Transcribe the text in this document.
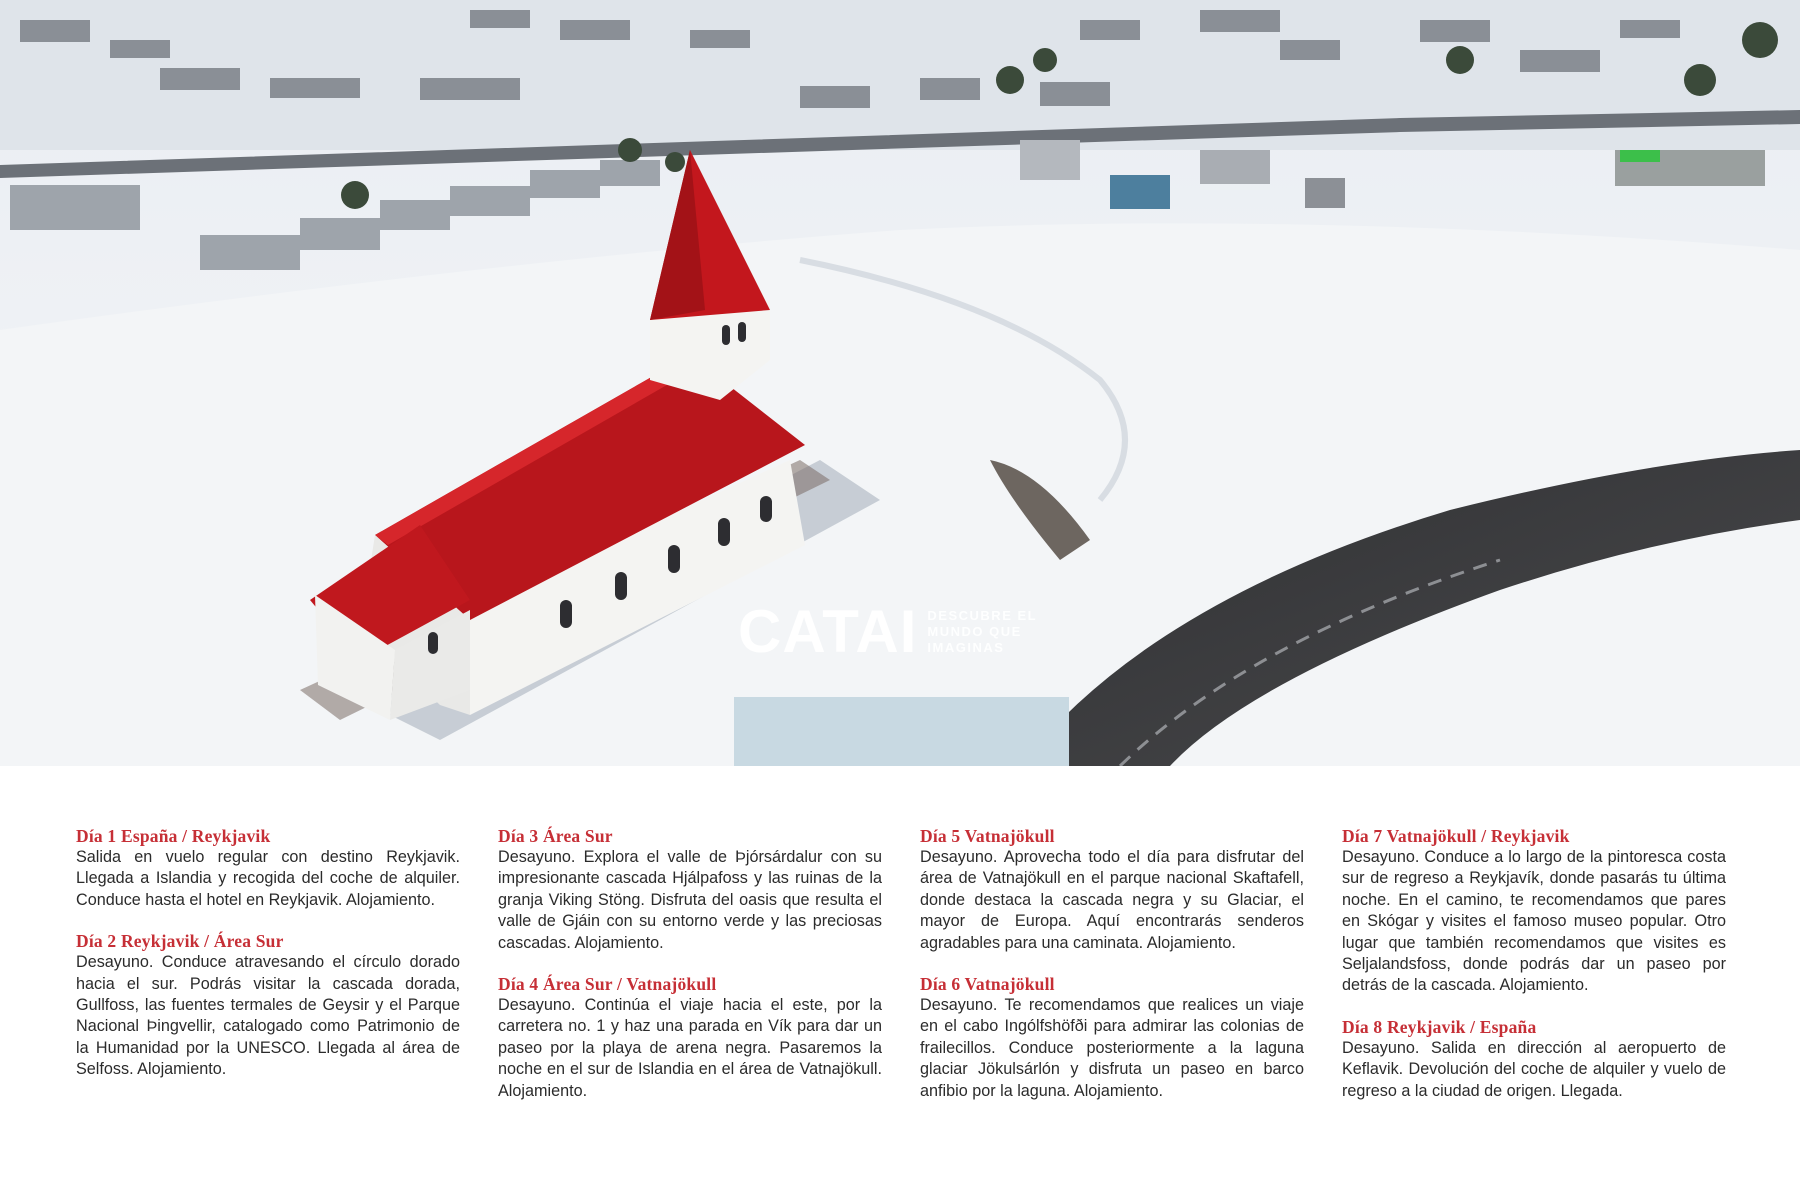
CATAI DESCUBRE EL
MUNDO QUE
IMAGINAS
Día 1 España / Reykjavik
Salida en vuelo regular con destino Reykjavik. Llegada a Islandia y recogida del coche de alquiler. Conduce hasta el hotel en Reykjavik. Alojamiento.
Día 2 Reykjavik / Área Sur
Desayuno. Conduce atravesando el círculo dorado hacia el sur. Podrás visitar la cascada dorada, Gullfoss, las fuentes termales de Geysir y el Parque Nacional Þingvellir, catalogado como Patrimonio de la Humanidad por la UNESCO. Llegada al área de Selfoss. Alojamiento.
Día 3 Área Sur
Desayuno. Explora el valle de Þjórsárdalur con su impresionante cascada Hjálpafoss y las ruinas de la granja Viking Stöng. Disfruta del oasis que resulta el valle de Gjáin con su entorno verde y las preciosas cascadas. Alojamiento.
Día 4 Área Sur / Vatnajökull
Desayuno. Continúa el viaje hacia el este, por la carretera no. 1 y haz una parada en Vík para dar un paseo por la playa de arena negra. Pasaremos la noche en el sur de Islandia en el área de Vatnajökull. Alojamiento.
Día 5 Vatnajökull
Desayuno. Aprovecha todo el día para disfrutar del área de Vatnajökull en el parque nacional Skaftafell, donde destaca la cascada negra y su Glaciar, el mayor de Europa. Aquí encontrarás senderos agradables para una caminata. Alojamiento.
Día 6 Vatnajökull
Desayuno. Te recomendamos que realices un viaje en el cabo Ingólfshöfði para admirar las colonias de frailecillos. Conduce posteriormente a la laguna glaciar Jökulsárlón y disfruta un paseo en barco anfibio por la laguna. Alojamiento.
Día 7 Vatnajökull / Reykjavik
Desayuno. Conduce a lo largo de la pintoresca costa sur de regreso a Reykjavík, donde pasarás tu última noche. En el camino, te recomendamos que pares en Skógar y visites el famoso museo popular. Otro lugar que también recomendamos que visites es Seljalandsfoss, donde podrás dar un paseo por detrás de la cascada. Alojamiento.
Día 8 Reykjavik / España
Desayuno. Salida en dirección al aeropuerto de Keflavik. Devolución del coche de alquiler y vuelo de regreso a la ciudad de origen. Llegada.
